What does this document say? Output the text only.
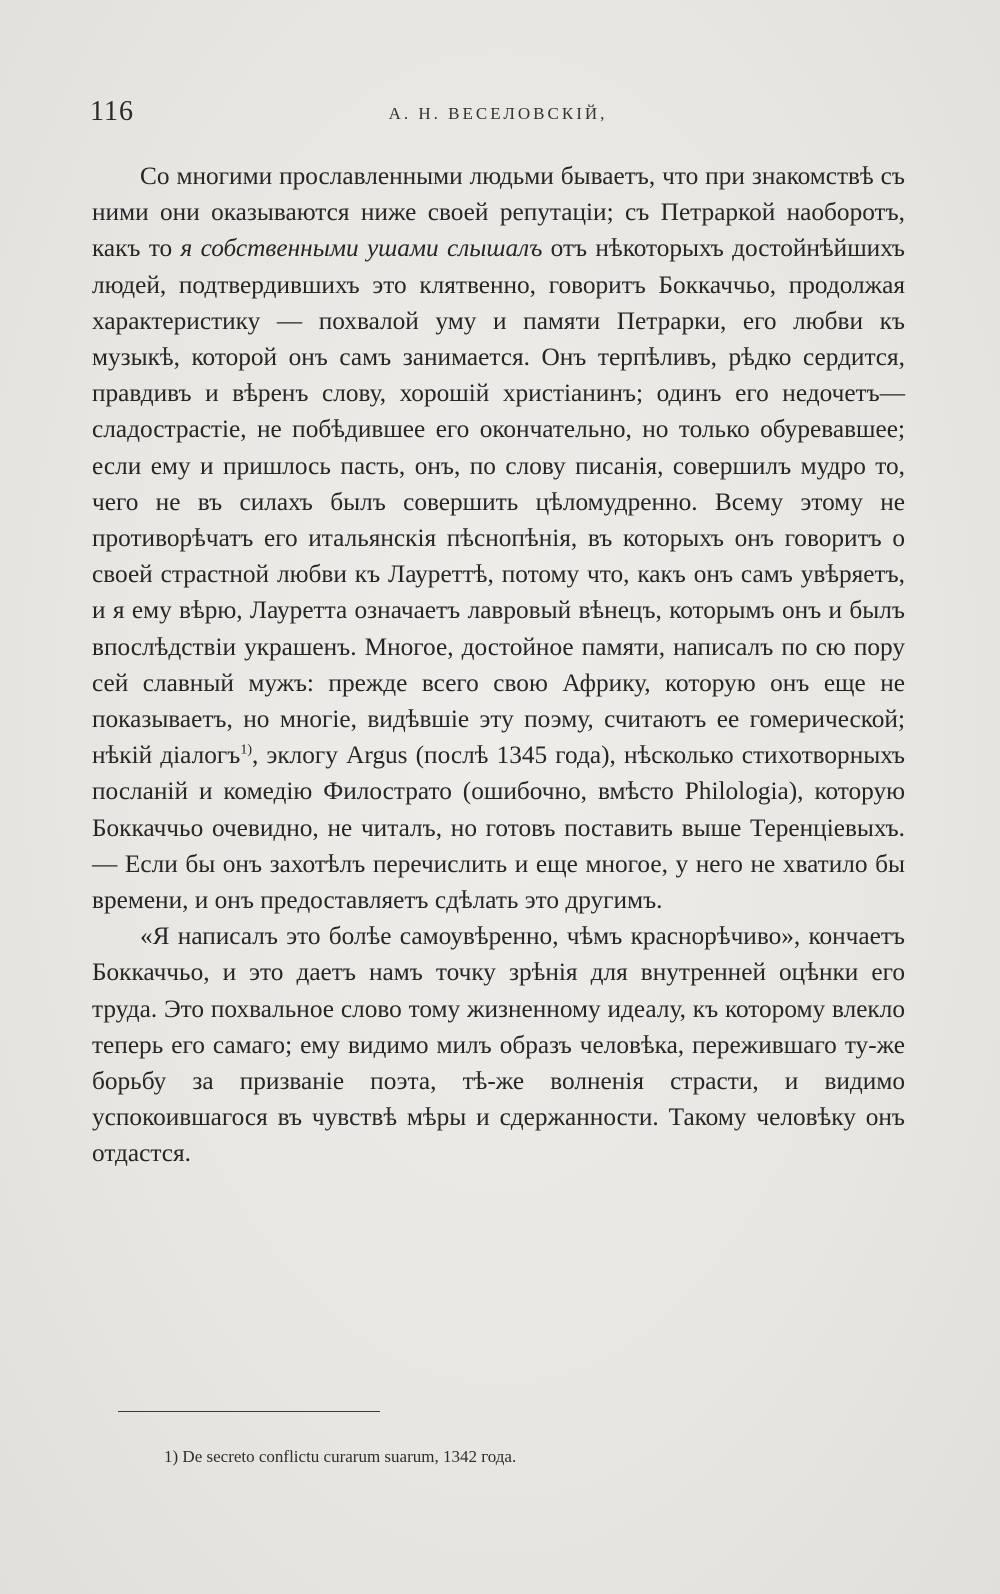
116	А. Н. ВЕСЕЛОВСКІЙ,

Со многими прославленными людьми бываетъ, что при знакомствѣ съ ними они оказываются ниже своей репутаціи; съ Петраркой наоборотъ, какъ то я собственными ушами слышалъ отъ нѣкоторыхъ достойнѣйшихъ людей, подтвердившихъ это клятвенно, говоритъ Боккаччьо, продолжая характеристику — похвалой уму и памяти Петрарки, его любви къ музыкѣ, которой онъ самъ занимается. Онъ терпѣливъ, рѣдко сердится, правдивъ и вѣренъ слову, хорошій христіанинъ; одинъ его недочетъ—сладострастіе, не побѣдившее его окончательно, но только обуревавшее; если ему и пришлось пасть, онъ, по слову писанія, совершилъ мудро то, чего не въ силахъ былъ совершить цѣломудренно. Всему этому не противорѣчатъ его итальянскія пѣснопѣнія, въ которыхъ онъ говоритъ о своей страстной любви къ Лауреттѣ, потому что, какъ онъ самъ увѣряетъ, и я ему вѣрю, Лауретта означаетъ лавровый вѣнецъ, которымъ онъ и былъ впослѣдствіи украшенъ. Многое, достойное памяти, написалъ по сю пору сей славный мужъ: прежде всего свою Африку, которую онъ еще не показываетъ, но многіе, видѣвшіе эту поэму, считаютъ ее гомерической; нѣкій діалогъ$^{1)}$, эклогу Argus (послѣ 1345 года), нѣсколько стихотворныхъ посланій и комедію Филострато (ошибочно, вмѣсто Philologia), которую Боккаччьо очевидно, не читалъ, но готовъ поставить выше Теренціевыхъ. — Если бы онъ захотѣлъ перечислить и еще многое, у него не хватило бы времени, и онъ предоставляетъ сдѣлать это другимъ.

«Я написалъ это болѣе самоувѣренно, чѣмъ краснорѣчиво», кончаетъ Боккаччьо, и это даетъ намъ точку зрѣнія для внутренней оцѣнки его труда. Это похвальное слово тому жизненному идеалу, къ которому влекло теперь его самаго; ему видимо милъ образъ человѣка, пережившаго ту-же борьбу за призваніе поэта, тѣ-же волненія страсти, и видимо успокоившагося въ чувствѣ мѣры и сдержанности. Такому человѣку онъ отдастся.

1) De secreto conflictu curarum suarum, 1342 года.
